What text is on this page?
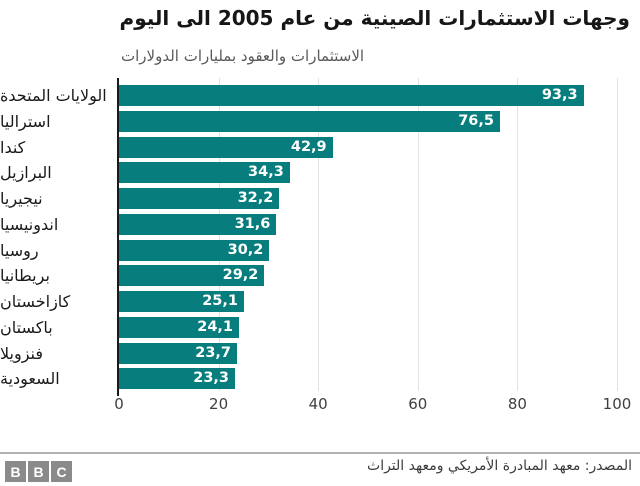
وجهات الاستثمارات الصينية من عام 2005 الى اليوم
الاستثمارات والعقود بمليارات الدولارات
0	20	40	60	80	100
الولايات المتحدة	93,3
استراليا	76,5
كندا	42,9
البرازيل	34,3
نيجيريا	32,2
اندونيسيا	31,6
روسيا	30,2
بريطانيا	29,2
كازاخستان	25,1
باكستان	24,1
فنزويلا	23,7
السعودية	23,3
B B C	المصدر: معهد المبادرة الأمريكي ومعهد التراث
